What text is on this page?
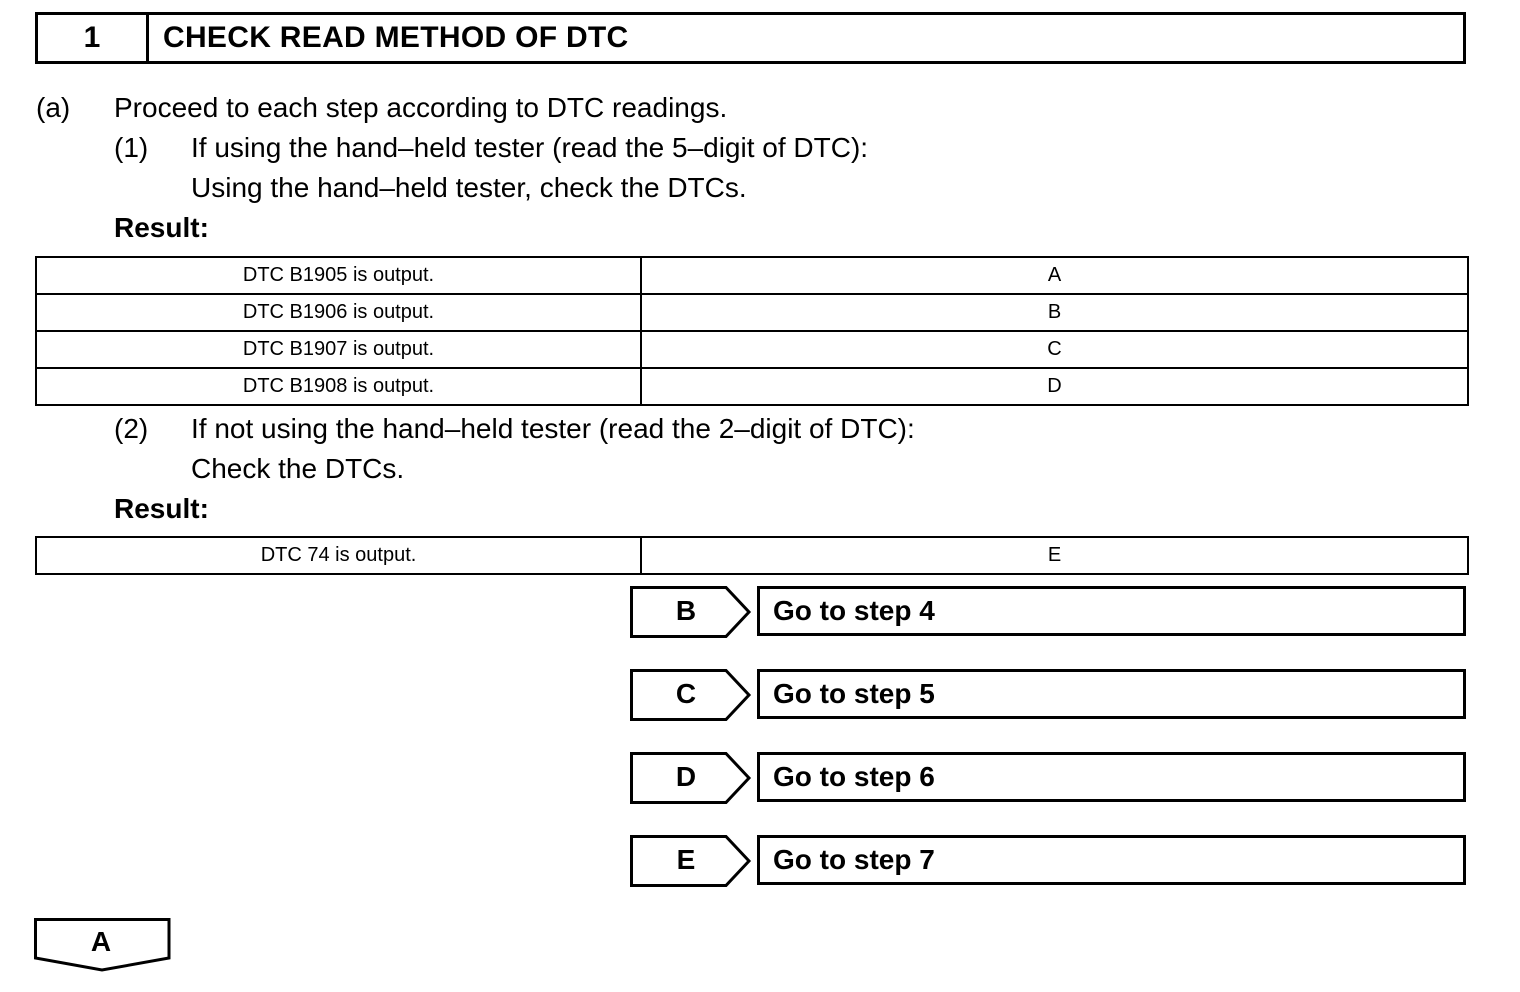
1	CHECK READ METHOD OF DTC
(a) Proceed to each step according to DTC readings.
(1) If using the hand–held tester (read the 5–digit of DTC):
Using the hand–held tester, check the DTCs.
Result:
DTC B1905 is output.	A
DTC B1906 is output.	B
DTC B1907 is output.	C
DTC B1908 is output.	D
(2) If not using the hand–held tester (read the 2–digit of DTC):
Check the DTCs.
Result:
DTC 74 is output.	E
B	Go to step 4
C	Go to step 5
D	Go to step 6
E	Go to step 7
A
